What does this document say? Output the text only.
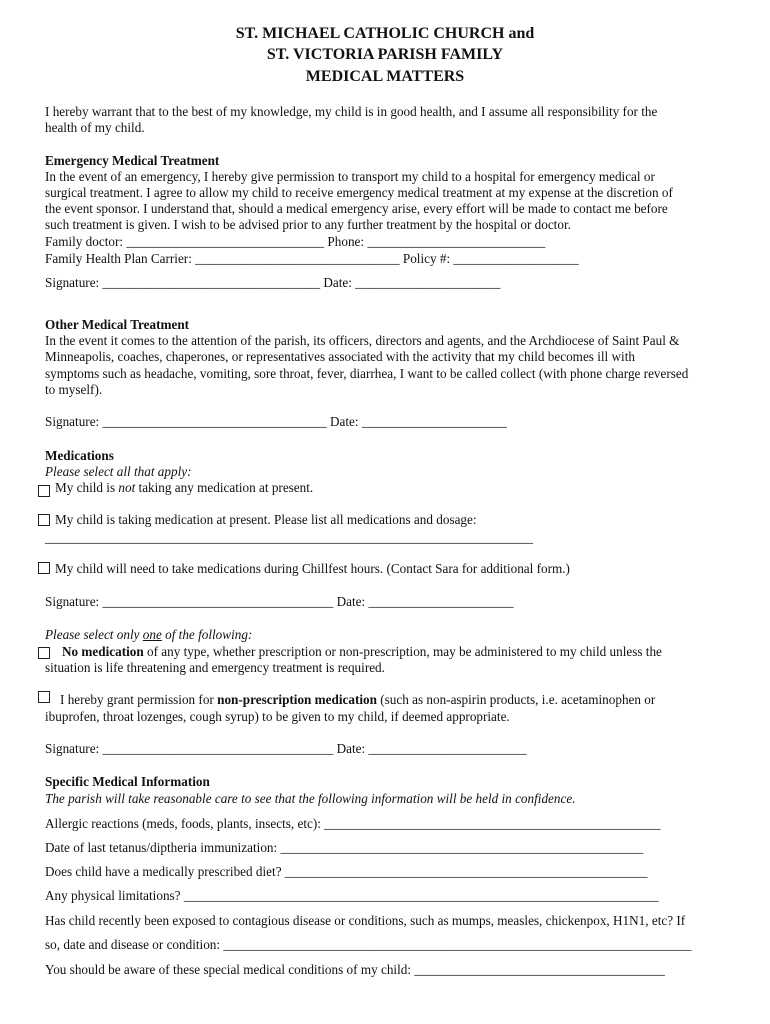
ST. MICHAEL CATHOLIC CHURCH and
ST. VICTORIA PARISH FAMILY
MEDICAL MATTERS
I hereby warrant that to the best of my knowledge, my child is in good health, and I assume all responsibility for the
health of my child.
Emergency Medical Treatment
In the event of an emergency, I hereby give permission to transport my child to a hospital for emergency medical or
surgical treatment. I agree to allow my child to receive emergency medical treatment at my expense at the discretion of
the event sponsor. I understand that, should a medical emergency arise, every effort will be made to contact me before
such treatment is given. I wish to be advised prior to any further treatment by the hospital or doctor.
Family doctor: ______________________________ Phone: ___________________________
Family Health Plan Carrier: _______________________________ Policy #: ___________________
Signature: _________________________________ Date: ______________________
Other Medical Treatment
In the event it comes to the attention of the parish, its officers, directors and agents, and the Archdiocese of Saint Paul &
Minneapolis, coaches, chaperones, or representatives associated with the activity that my child becomes ill with
symptoms such as headache, vomiting, sore throat, fever, diarrhea, I want to be called collect (with phone charge reversed
to myself).
Signature: __________________________________ Date: ______________________
Medications
Please select all that apply:
My child is not taking any medication at present.
My child is taking medication at present. Please list all medications and dosage:
__________________________________________________________________________
My child will need to take medications during Chillfest hours. (Contact Sara for additional form.)
Signature: ___________________________________ Date: ______________________
Please select only one of the following:
No medication of any type, whether prescription or non-prescription, may be administered to my child unless the
situation is life threatening and emergency treatment is required.
I hereby grant permission for non-prescription medication (such as non-aspirin products, i.e. acetaminophen or
ibuprofen, throat lozenges, cough syrup) to be given to my child, if deemed appropriate.
Signature: ___________________________________ Date: ________________________
Specific Medical Information
The parish will take reasonable care to see that the following information will be held in confidence.
Allergic reactions (meds, foods, plants, insects, etc): ___________________________________________________
Date of last tetanus/diptheria immunization: _______________________________________________________
Does child have a medically prescribed diet? _______________________________________________________
Any physical limitations? ________________________________________________________________________
Has child recently been exposed to contagious disease or conditions, such as mumps, measles, chickenpox, H1N1, etc? If
so, date and disease or condition: _______________________________________________________________________
You should be aware of these special medical conditions of my child: ______________________________________
